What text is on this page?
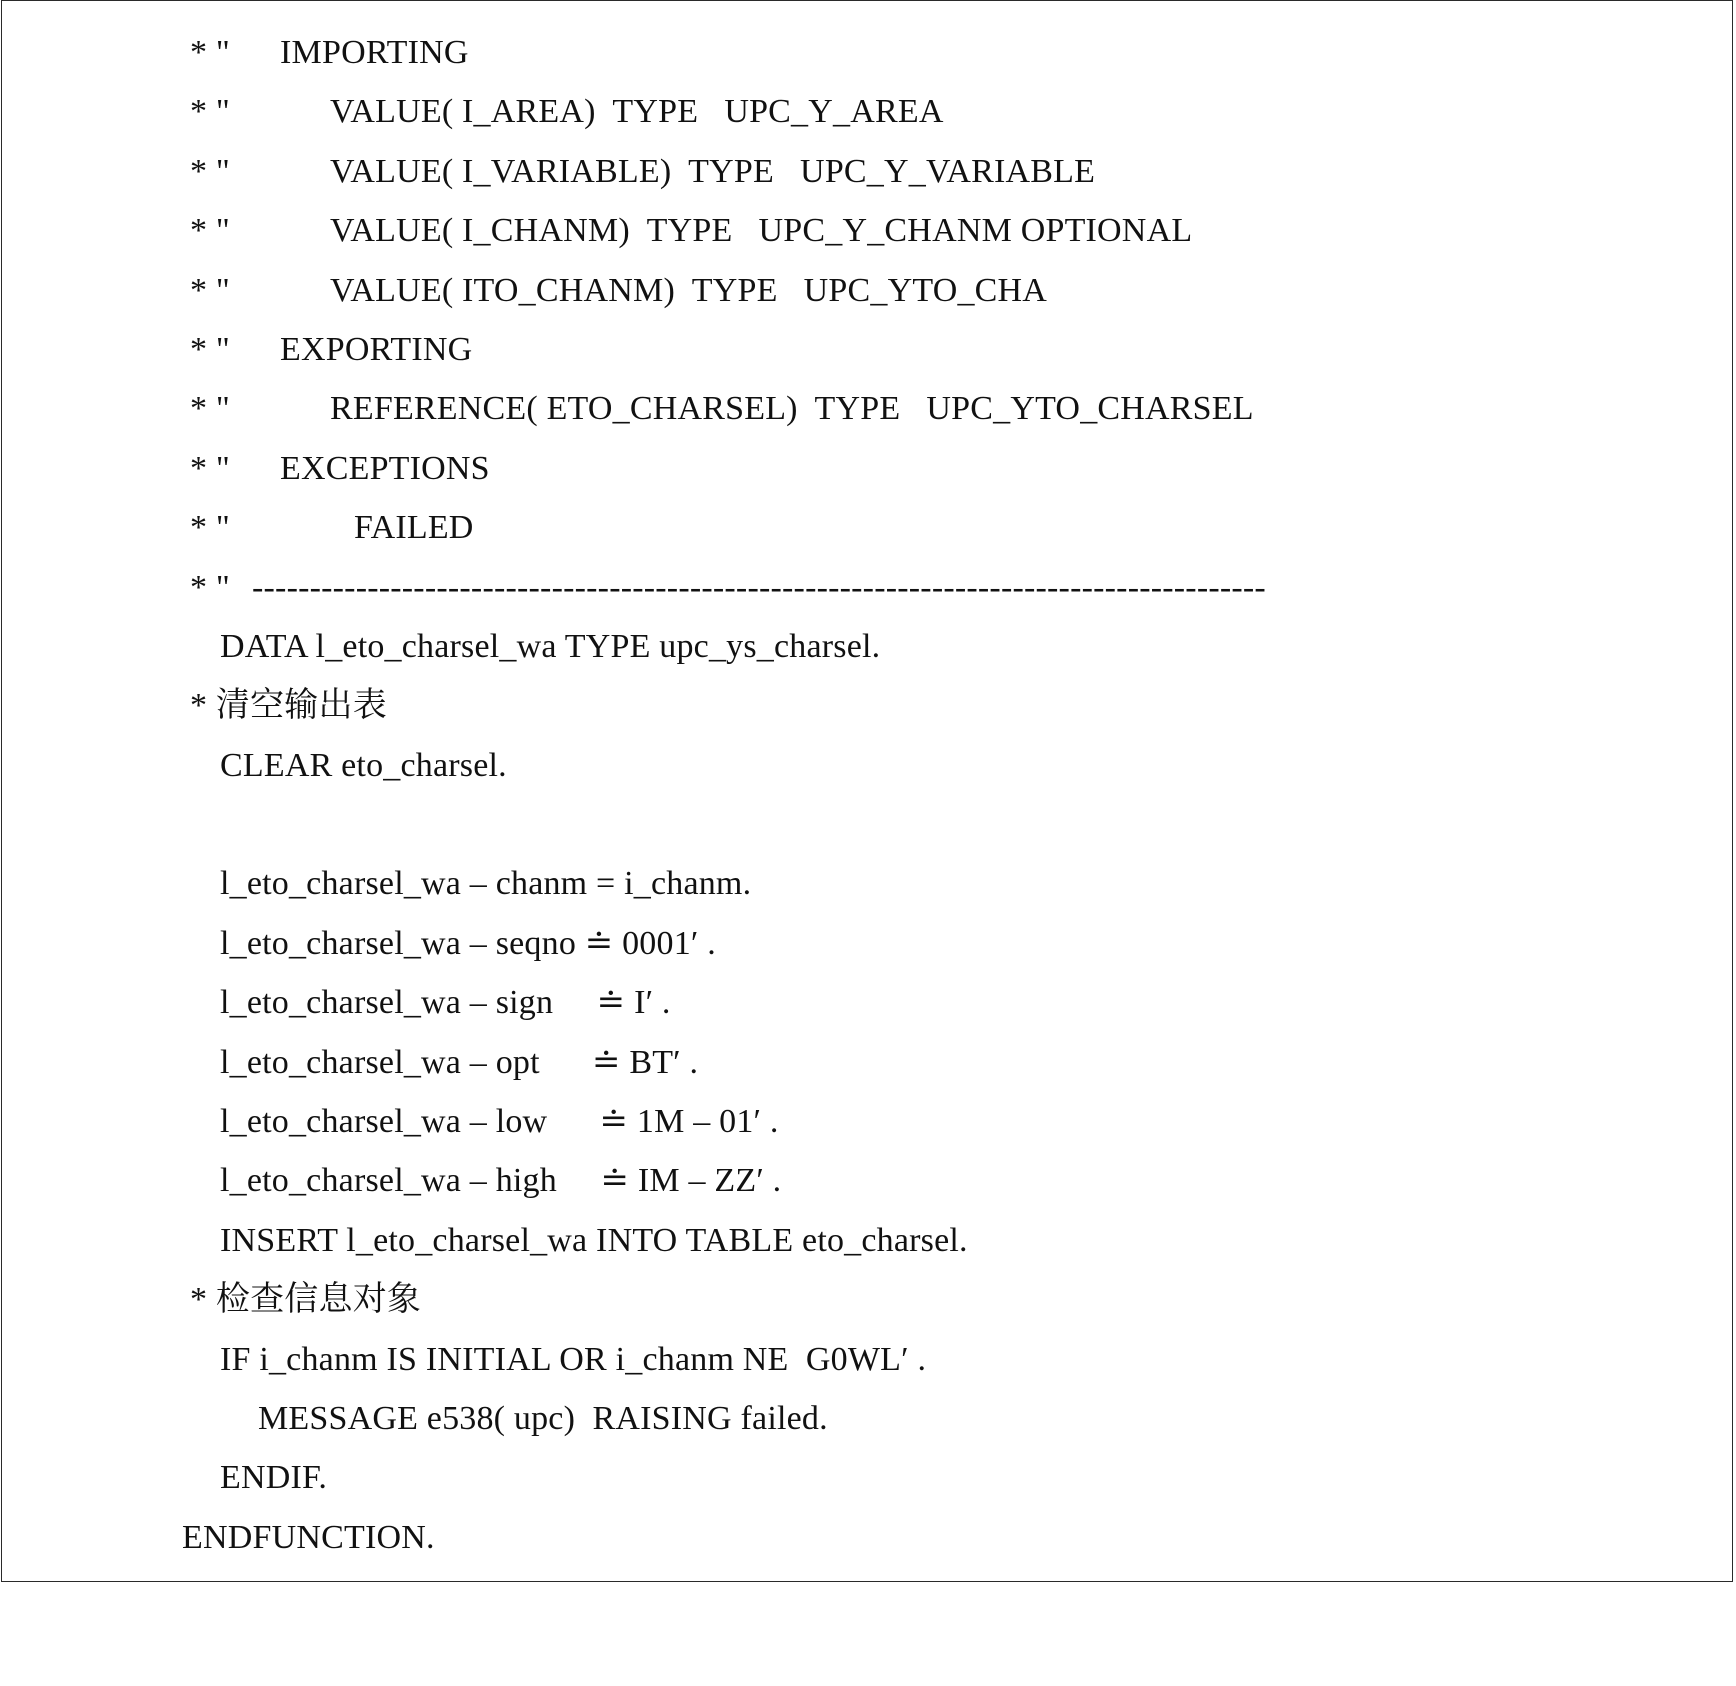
* "

IMPORTING

* "

	VALUE( I_AREA)  TYPE   UPC_Y_AREA

* "

	VALUE( I_VARIABLE)  TYPE   UPC_Y_VARIABLE

* "

	VALUE( I_CHANM)  TYPE   UPC_Y_CHANM OPTIONAL

* "

	VALUE( ITO_CHANM)  TYPE   UPC_YTO_CHA

* "

EXPORTING

* "

	REFERENCE( ETO_CHARSEL)  TYPE   UPC_YTO_CHARSEL

* "

EXCEPTIONS

* "

	FAILED

* "

----------------------------------------------------------------------------------------

DATA l_eto_charsel_wa TYPE upc_ys_charsel.

* 清空输出表

CLEAR eto_charsel.

l_eto_charsel_wa – chanm = i_chanm.

l_eto_charsel_wa – seqno ≐ 0001′ .

l_eto_charsel_wa – sign     ≐ I′ .

l_eto_charsel_wa – opt      ≐ BT′ .

l_eto_charsel_wa – low      ≐ 1M – 01′ .

l_eto_charsel_wa – high     ≐ IM – ZZ′ .

INSERT l_eto_charsel_wa INTO TABLE eto_charsel.

* 检查信息对象

IF i_chanm IS INITIAL OR i_chanm NE  G0WL′ .

MESSAGE e538( upc)  RAISING failed.

ENDIF.

ENDFUNCTION.
